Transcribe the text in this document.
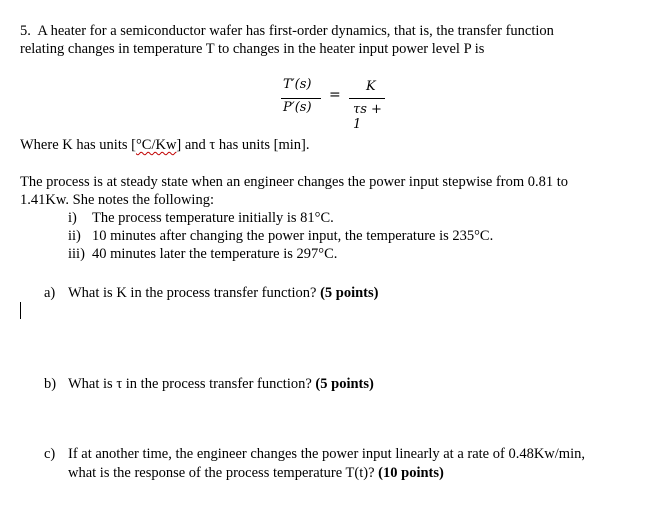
5. A heater for a semiconductor wafer has first-order dynamics, that is, the transfer function
relating changes in temperature T to changes in the heater input power level P is
T′(s)
P′(s)
=
K
τs + 1
Where K has units [°C/Kw] and τ has units [min].
The process is at steady state when an engineer changes the power input stepwise from 0.81 to
1.41Kw. She notes the following:
i) The process temperature initially is 81°C.
ii) 10 minutes after changing the power input, the temperature is 235°C.
iii) 40 minutes later the temperature is 297°C.
a) What is K in the process transfer function? (5 points)
b) What is τ in the process transfer function? (5 points)
c) If at another time, the engineer changes the power input linearly at a rate of 0.48Kw/min,
what is the response of the process temperature T(t)? (10 points)
